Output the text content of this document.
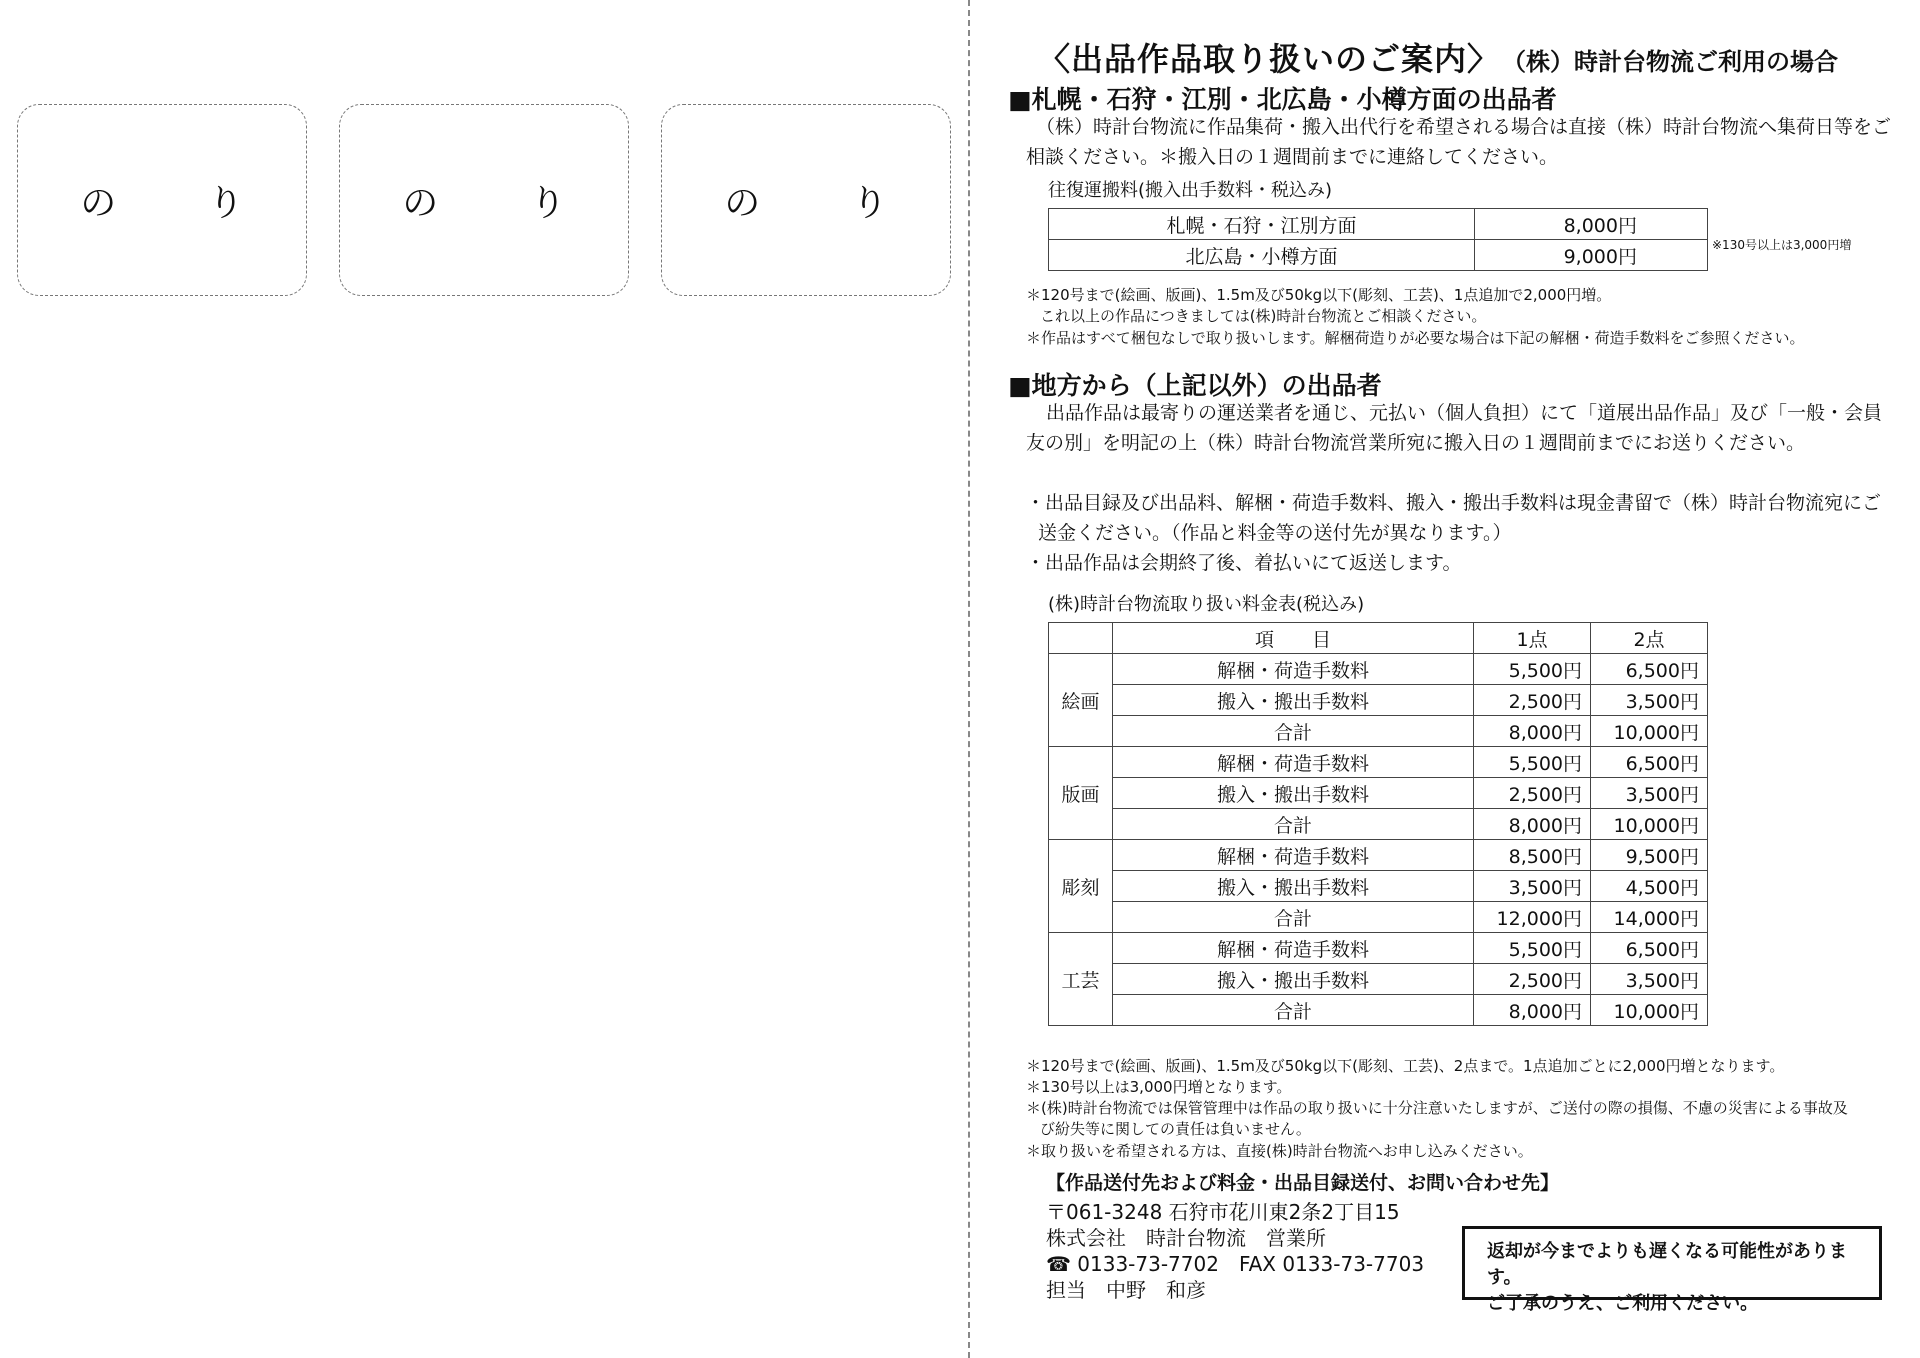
の り	の り	の り
〈出品作品取り扱いのご案内〉 （株）時計台物流ご利用の場合
■札幌・石狩・江別・北広島・小樽方面の出品者
（株）時計台物流に作品集荷・搬入出代行を希望される場合は直接（株）時計台物流へ集荷日等をご相談ください。＊搬入日の１週間前までに連絡してください。
往復運搬料(搬入出手数料・税込み)
札幌・石狩・江別方面	8,000円
北広島・小樽方面	9,000円
※130号以上は3,000円増
＊120号まで(絵画、版画)、1.5m及び50kg以下(彫刻、工芸)、1点追加で2,000円増。
これ以上の作品につきましては(株)時計台物流とご相談ください。
＊作品はすべて梱包なしで取り扱いします。解梱荷造りが必要な場合は下記の解梱・荷造手数料をご参照ください。
■地方から（上記以外）の出品者
出品作品は最寄りの運送業者を通じ、元払い（個人負担）にて「道展出品作品」及び「一般・会員友の別」を明記の上（株）時計台物流営業所宛に搬入日の１週間前までにお送りください。
・出品目録及び出品料、解梱・荷造手数料、搬入・搬出手数料は現金書留で（株）時計台物流宛にご送金ください。（作品と料金等の送付先が異なります。）
・出品作品は会期終了後、着払いにて返送します。
(株)時計台物流取り扱い料金表(税込み)
	項　　目	1点	2点
絵画	解梱・荷造手数料	5,500円	6,500円
	搬入・搬出手数料	2,500円	3,500円
	合計	8,000円	10,000円
版画	解梱・荷造手数料	5,500円	6,500円
	搬入・搬出手数料	2,500円	3,500円
	合計	8,000円	10,000円
彫刻	解梱・荷造手数料	8,500円	9,500円
	搬入・搬出手数料	3,500円	4,500円
	合計	12,000円	14,000円
工芸	解梱・荷造手数料	5,500円	6,500円
	搬入・搬出手数料	2,500円	3,500円
	合計	8,000円	10,000円
＊120号まで(絵画、版画)、1.5m及び50kg以下(彫刻、工芸)、2点まで。1点追加ごとに2,000円増となります。
＊130号以上は3,000円増となります。
＊(株)時計台物流では保管管理中は作品の取り扱いに十分注意いたしますが、ご送付の際の損傷、不慮の災害による事故及
び紛失等に関しての責任は負いません。
＊取り扱いを希望される方は、直接(株)時計台物流へお申し込みください。
【作品送付先および料金・出品目録送付、お問い合わせ先】
〒061-3248 石狩市花川東2条2丁目15
株式会社　時計台物流　営業所
☎ 0133-73-7702　FAX 0133-73-7703
担当　中野　和彦
返却が今までよりも遅くなる可能性があります。
ご了承のうえ、ご利用ください。
